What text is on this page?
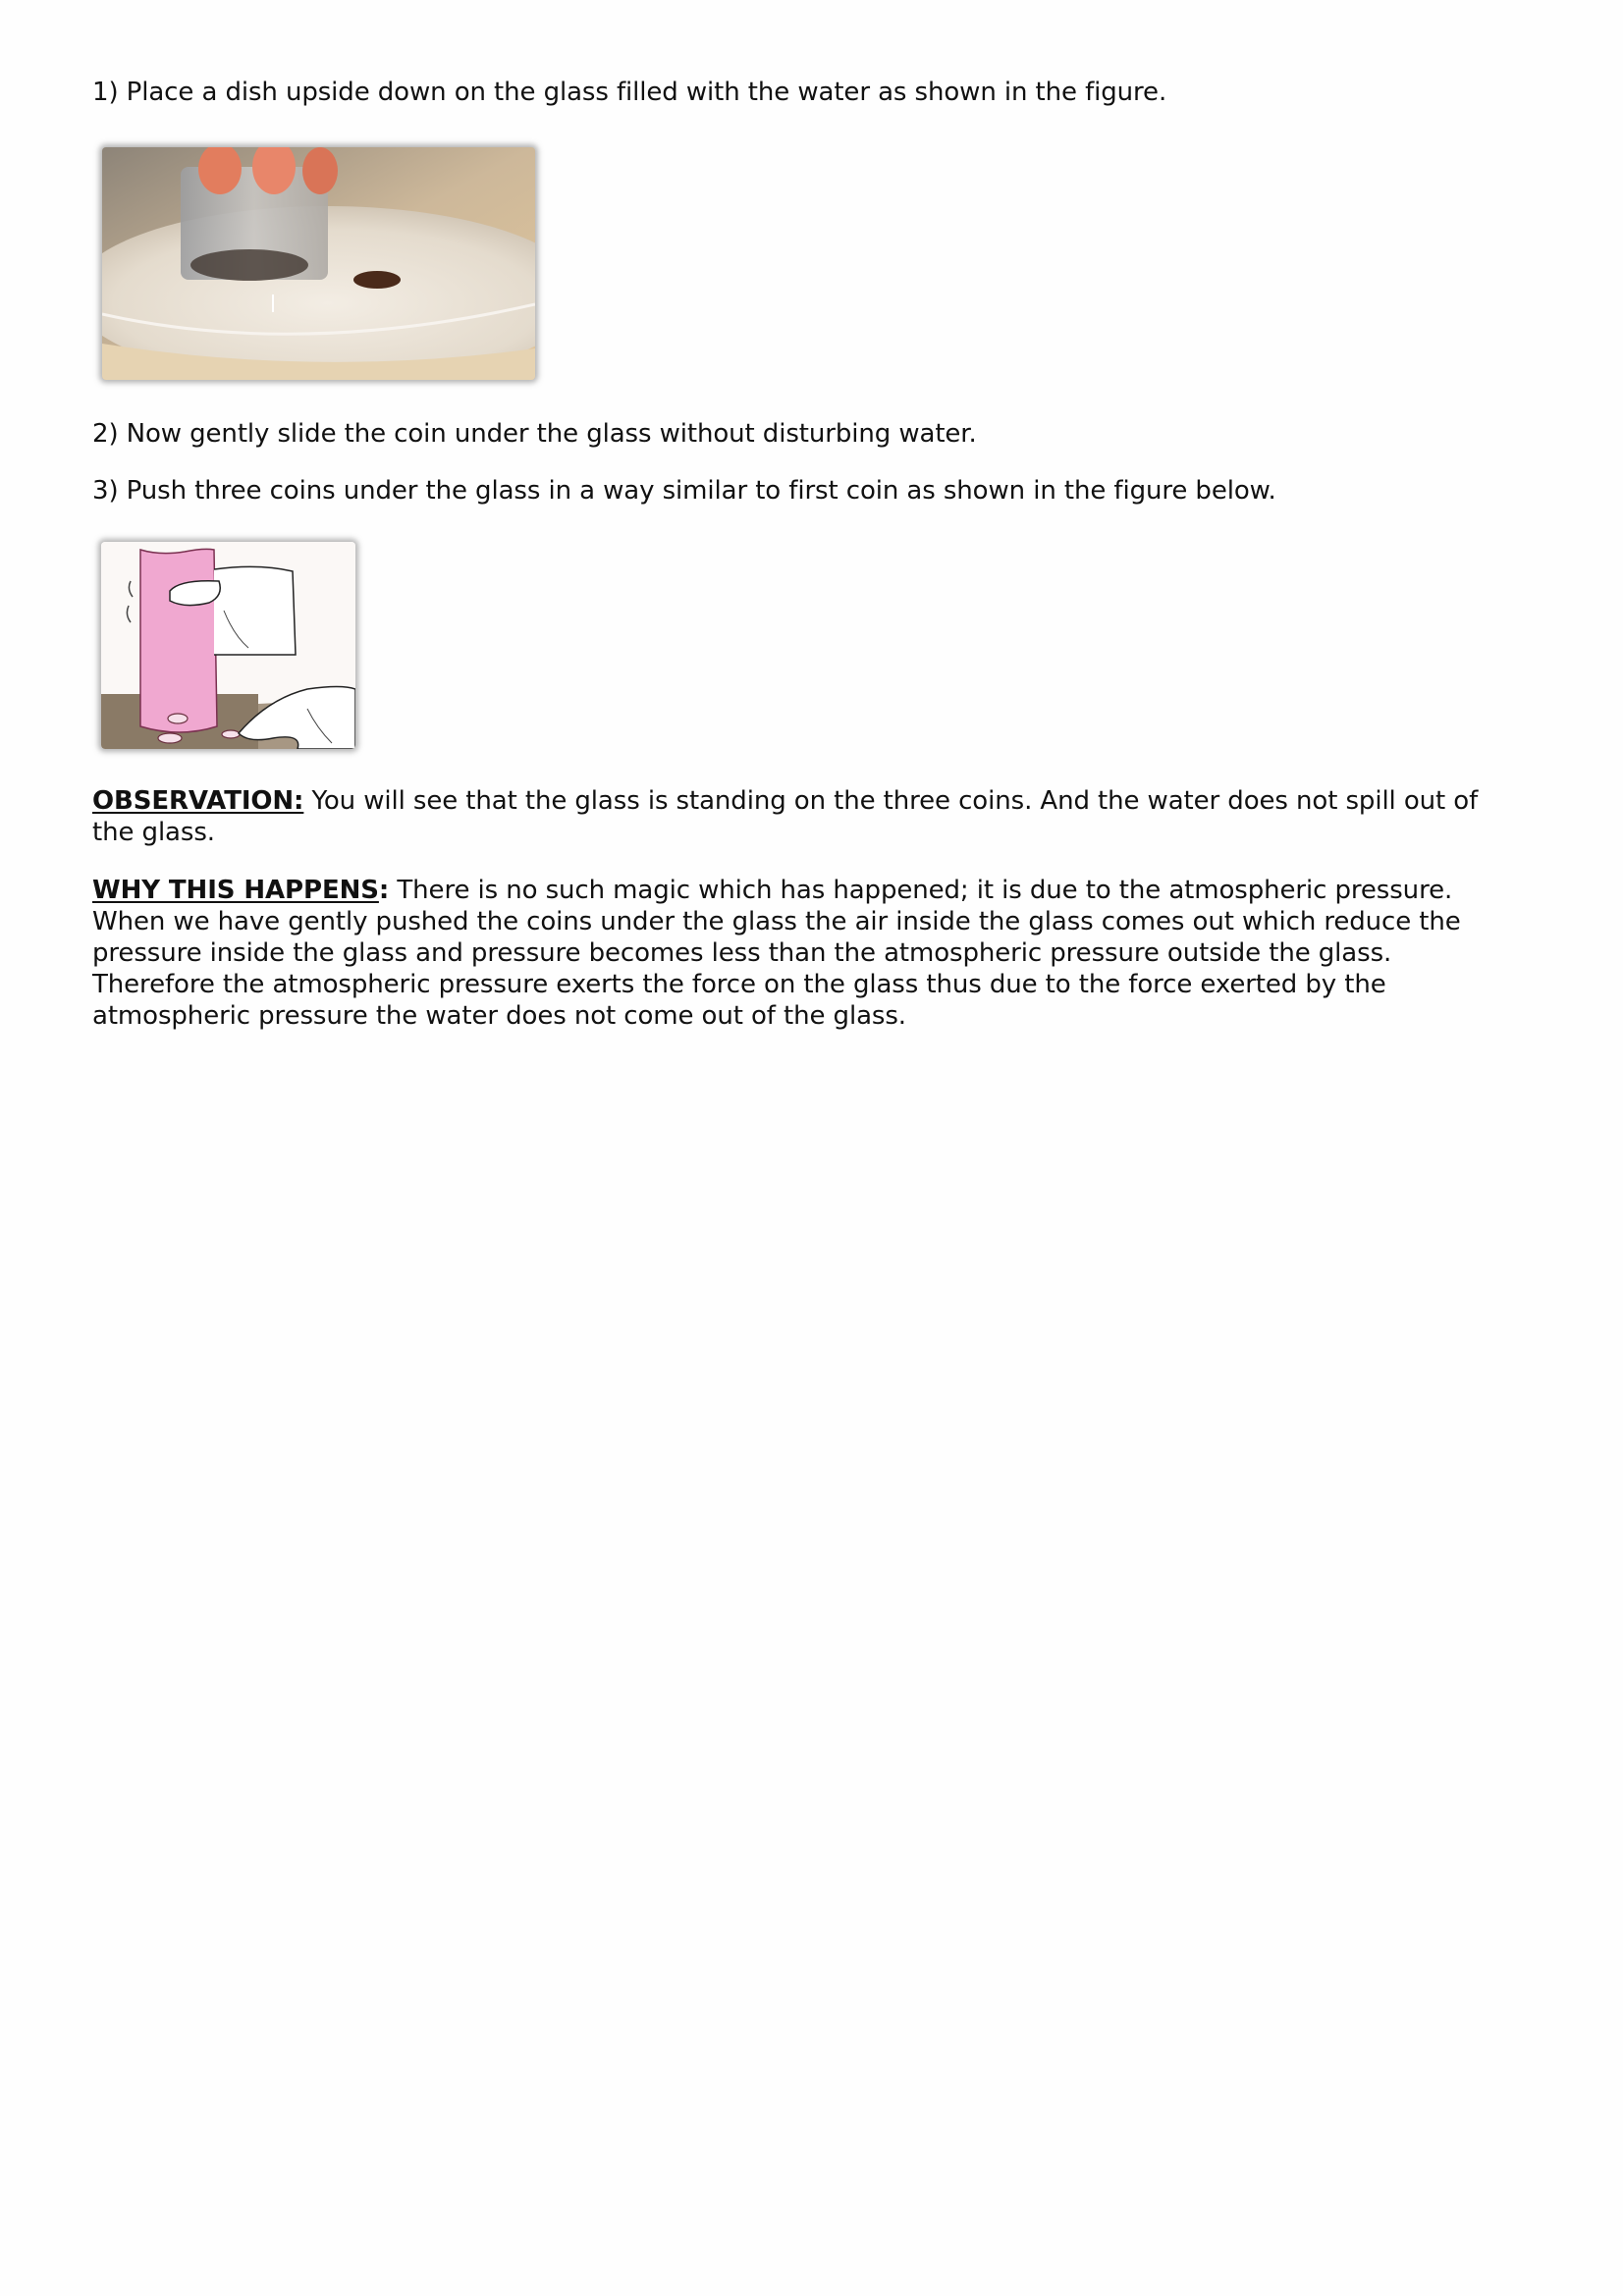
1) Place a dish upside down on the glass filled with the water as shown in the figure.
2) Now gently slide the coin under the glass without disturbing water.
3) Push three coins under the glass in a way similar to first coin as shown in the figure below.
OBSERVATION: You will see that the glass is standing on the three coins. And the water does not spill out of
the glass.
WHY THIS HAPPENS: There is no such magic which has happened; it is due to the atmospheric pressure.
When we have gently pushed the coins under the glass the air inside the glass comes out which reduce the
pressure inside the glass and pressure becomes less than the atmospheric pressure outside the glass.
Therefore the atmospheric pressure exerts the force on the glass thus due to the force exerted by the
atmospheric pressure the water does not come out of the glass.
